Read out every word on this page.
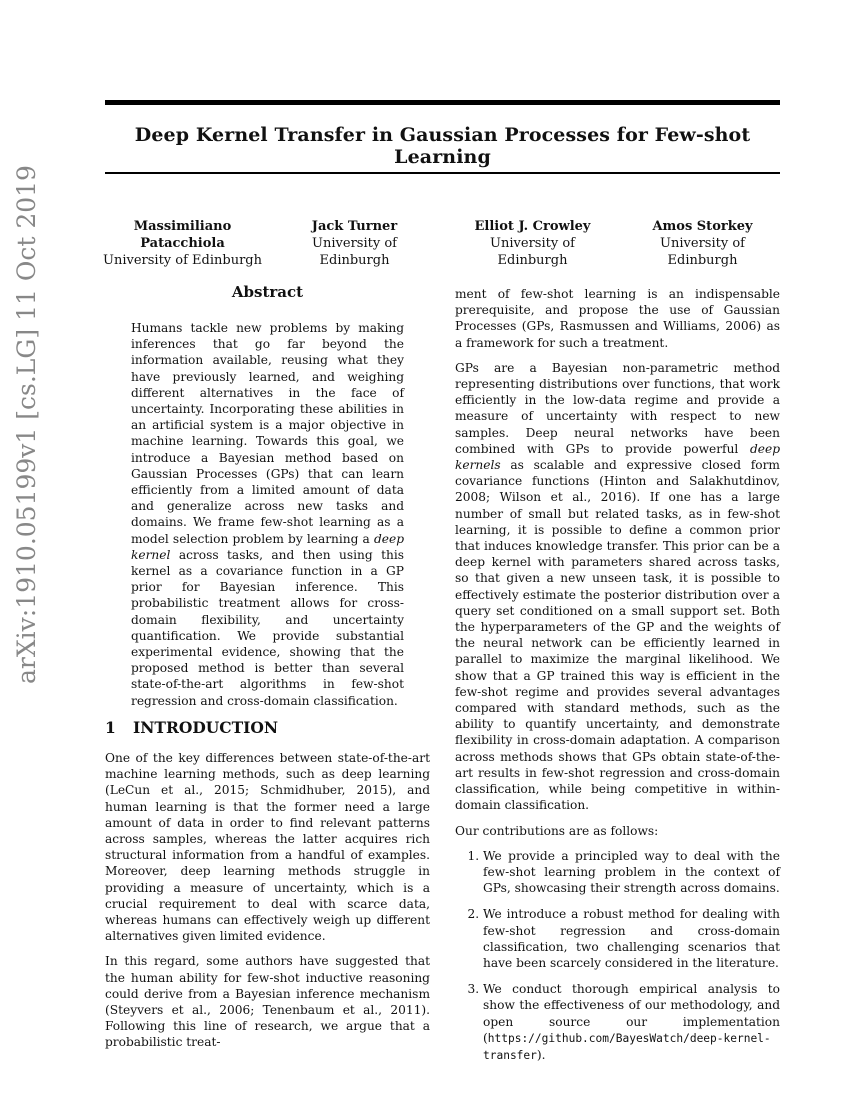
Deep Kernel Transfer in Gaussian Processes for Few-shot Learning
Massimiliano Patacchiola
University of Edinburgh
Jack Turner
University of Edinburgh
Elliot J. Crowley
University of Edinburgh
Amos Storkey
University of Edinburgh
arXiv:1910.05199v1 [cs.LG] 11 Oct 2019	Abstract
Humans tackle new problems by making inferences that go far beyond the information available, reusing what they have previously learned, and weighing different alternatives in the face of uncertainty. Incorporating these abilities in an artificial system is a major objective in machine learning. Towards this goal, we introduce a Bayesian method based on Gaussian Processes (GPs) that can learn efficiently from a limited amount of data and generalize across new tasks and domains. We frame few-shot learning as a model selection problem by learning a deep kernel across tasks, and then using this kernel as a covariance function in a GP prior for Bayesian inference. This probabilistic treatment allows for cross-domain flexibility, and uncertainty quantification. We provide substantial experimental evidence, showing that the proposed method is better than several state-of-the-art algorithms in few-shot regression and cross-domain classification.
1 INTRODUCTION

One of the key differences between state-of-the-art machine learning methods, such as deep learning (LeCun et al., 2015; Schmidhuber, 2015), and human learning is that the former need a large amount of data in order to find relevant patterns across samples, whereas the latter acquires rich structural information from a handful of examples. Moreover, deep learning methods struggle in providing a measure of uncertainty, which is a crucial requirement to deal with scarce data, whereas humans can effectively weigh up different alternatives given limited evidence.

In this regard, some authors have suggested that the human ability for few-shot inductive reasoning could derive from a Bayesian inference mechanism (Steyvers et al., 2006; Tenenbaum et al., 2011). Following this line of research, we argue that a probabilistic treat-

ment of few-shot learning is an indispensable prerequisite, and propose the use of Gaussian Processes (GPs, Rasmussen and Williams, 2006) as a framework for such a treatment.

GPs are a Bayesian non-parametric method representing distributions over functions, that work efficiently in the low-data regime and provide a measure of uncertainty with respect to new samples. Deep neural networks have been combined with GPs to provide powerful deep kernels as scalable and expressive closed form covariance functions (Hinton and Salakhutdinov, 2008; Wilson et al., 2016). If one has a large number of small but related tasks, as in few-shot learning, it is possible to define a common prior that induces knowledge transfer. This prior can be a deep kernel with parameters shared across tasks, so that given a new unseen task, it is possible to effectively estimate the posterior distribution over a query set conditioned on a small support set. Both the hyperparameters of the GP and the weights of the neural network can be efficiently learned in parallel to maximize the marginal likelihood. We show that a GP trained this way is efficient in the few-shot regime and provides several advantages compared with standard methods, such as the ability to quantify uncertainty, and demonstrate flexibility in cross-domain adaptation. A comparison across methods shows that GPs obtain state-of-the-art results in few-shot regression and cross-domain classification, while being competitive in within-domain classification.

Our contributions are as follows:

1. We provide a principled way to deal with the few-shot learning problem in the context of GPs, showcasing their strength across domains.
2. We introduce a robust method for dealing with few-shot regression and cross-domain classification, two challenging scenarios that have been scarcely considered in the literature.
3. We conduct thorough empirical analysis to show the effectiveness of our methodology, and open source our implementation (https://github.com/BayesWatch/deep-kernel-transfer).
